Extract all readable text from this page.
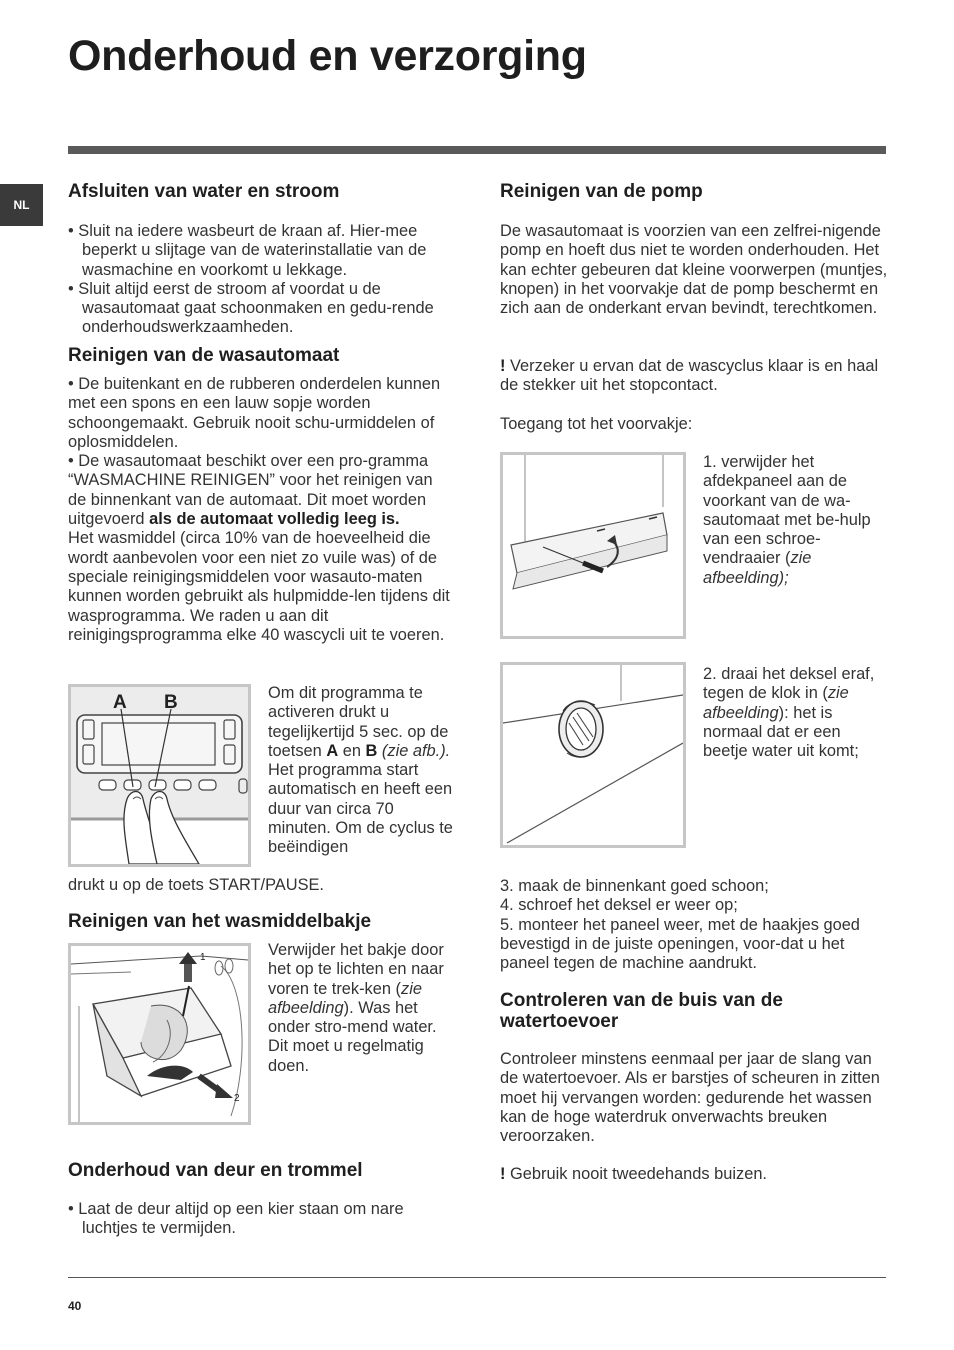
Onderhoud en verzorging
NL
Afsluiten van water en stroom

• Sluit na iedere wasbeurt de kraan af. Hier-mee beperkt u slijtage van de waterinstallatie van de wasmachine en voorkomt u lekkage.

• Sluit altijd eerst de stroom af voordat u de wasautomaat gaat schoonmaken en gedu-rende onderhoudswerkzaamheden.

Reinigen van de wasautomaat

• De buitenkant en de rubberen onderdelen kunnen met een spons en een lauw sopje worden schoongemaakt. Gebruik nooit schu-urmiddelen of oplosmiddelen.

• De wasautomaat beschikt over een pro-gramma “WASMACHINE REINIGEN” voor het reinigen van de binnenkant van de automaat. Dit moet worden uitgevoerd als de automaat volledig leeg is.

Het wasmiddel (circa 10% van de hoeveelheid die wordt aanbevolen voor een niet zo vuile was) of de speciale reinigingsmiddelen voor wasauto-maten kunnen worden gebruikt als hulpmidde-len tijdens dit wasprogramma. We raden u aan dit reinigingsprogramma elke 40 wascycli uit te voeren.

A B	Om dit programma te activeren drukt u tegelijkertijd 5 sec. op de toetsen A en B (zie afb.).

Het programma start automatisch en heeft een duur van circa 70 minuten. Om de cyclus te beëindigen

drukt u op de toets START/PAUSE.
Reinigen van het wasmiddelbakje
1
2

Verwijder het bakje door het op te lichten en naar voren te trek-ken (zie afbeelding). Was het onder stro-mend water. Dit moet u regelmatig doen.

Onderhoud van deur en trommel

• Laat de deur altijd op een kier staan om nare luchtjes te vermijden.

Reinigen van de pomp
De wasautomaat is voorzien van een zelfrei-nigende pomp en hoeft dus niet te worden onderhouden. Het kan echter gebeuren dat kleine voorwerpen (muntjes, knopen) in het voorvakje dat de pomp beschermt en zich aan de onderkant ervan bevindt, terechtkomen.
! Verzeker u ervan dat de wascyclus klaar is en haal de stekker uit het stopcontact.
Toegang tot het voorvakje:
1. verwijder het afdekpaneel aan de voorkant van de wa-sautomaat met be-hulp van een schroe-vendraaier (zie afbeelding);
2. draai het deksel eraf, tegen de klok in (zie afbeelding): het is normaal dat er een beetje water uit komt;

3. maak de binnenkant goed schoon;

4. schroef het deksel er weer op;

5. monteer het paneel weer, met de haakjes goed bevestigd in de juiste openingen, voor-dat u het paneel tegen de machine aandrukt.

Controleren van de buis van de watertoevoer
Controleer minstens eenmaal per jaar de slang van de watertoevoer. Als er barstjes of scheuren in zitten moet hij vervangen worden: gedurende het wassen kan de hoge waterdruk onverwachts breuken veroorzaken.
! Gebruik nooit tweedehands buizen.
40
